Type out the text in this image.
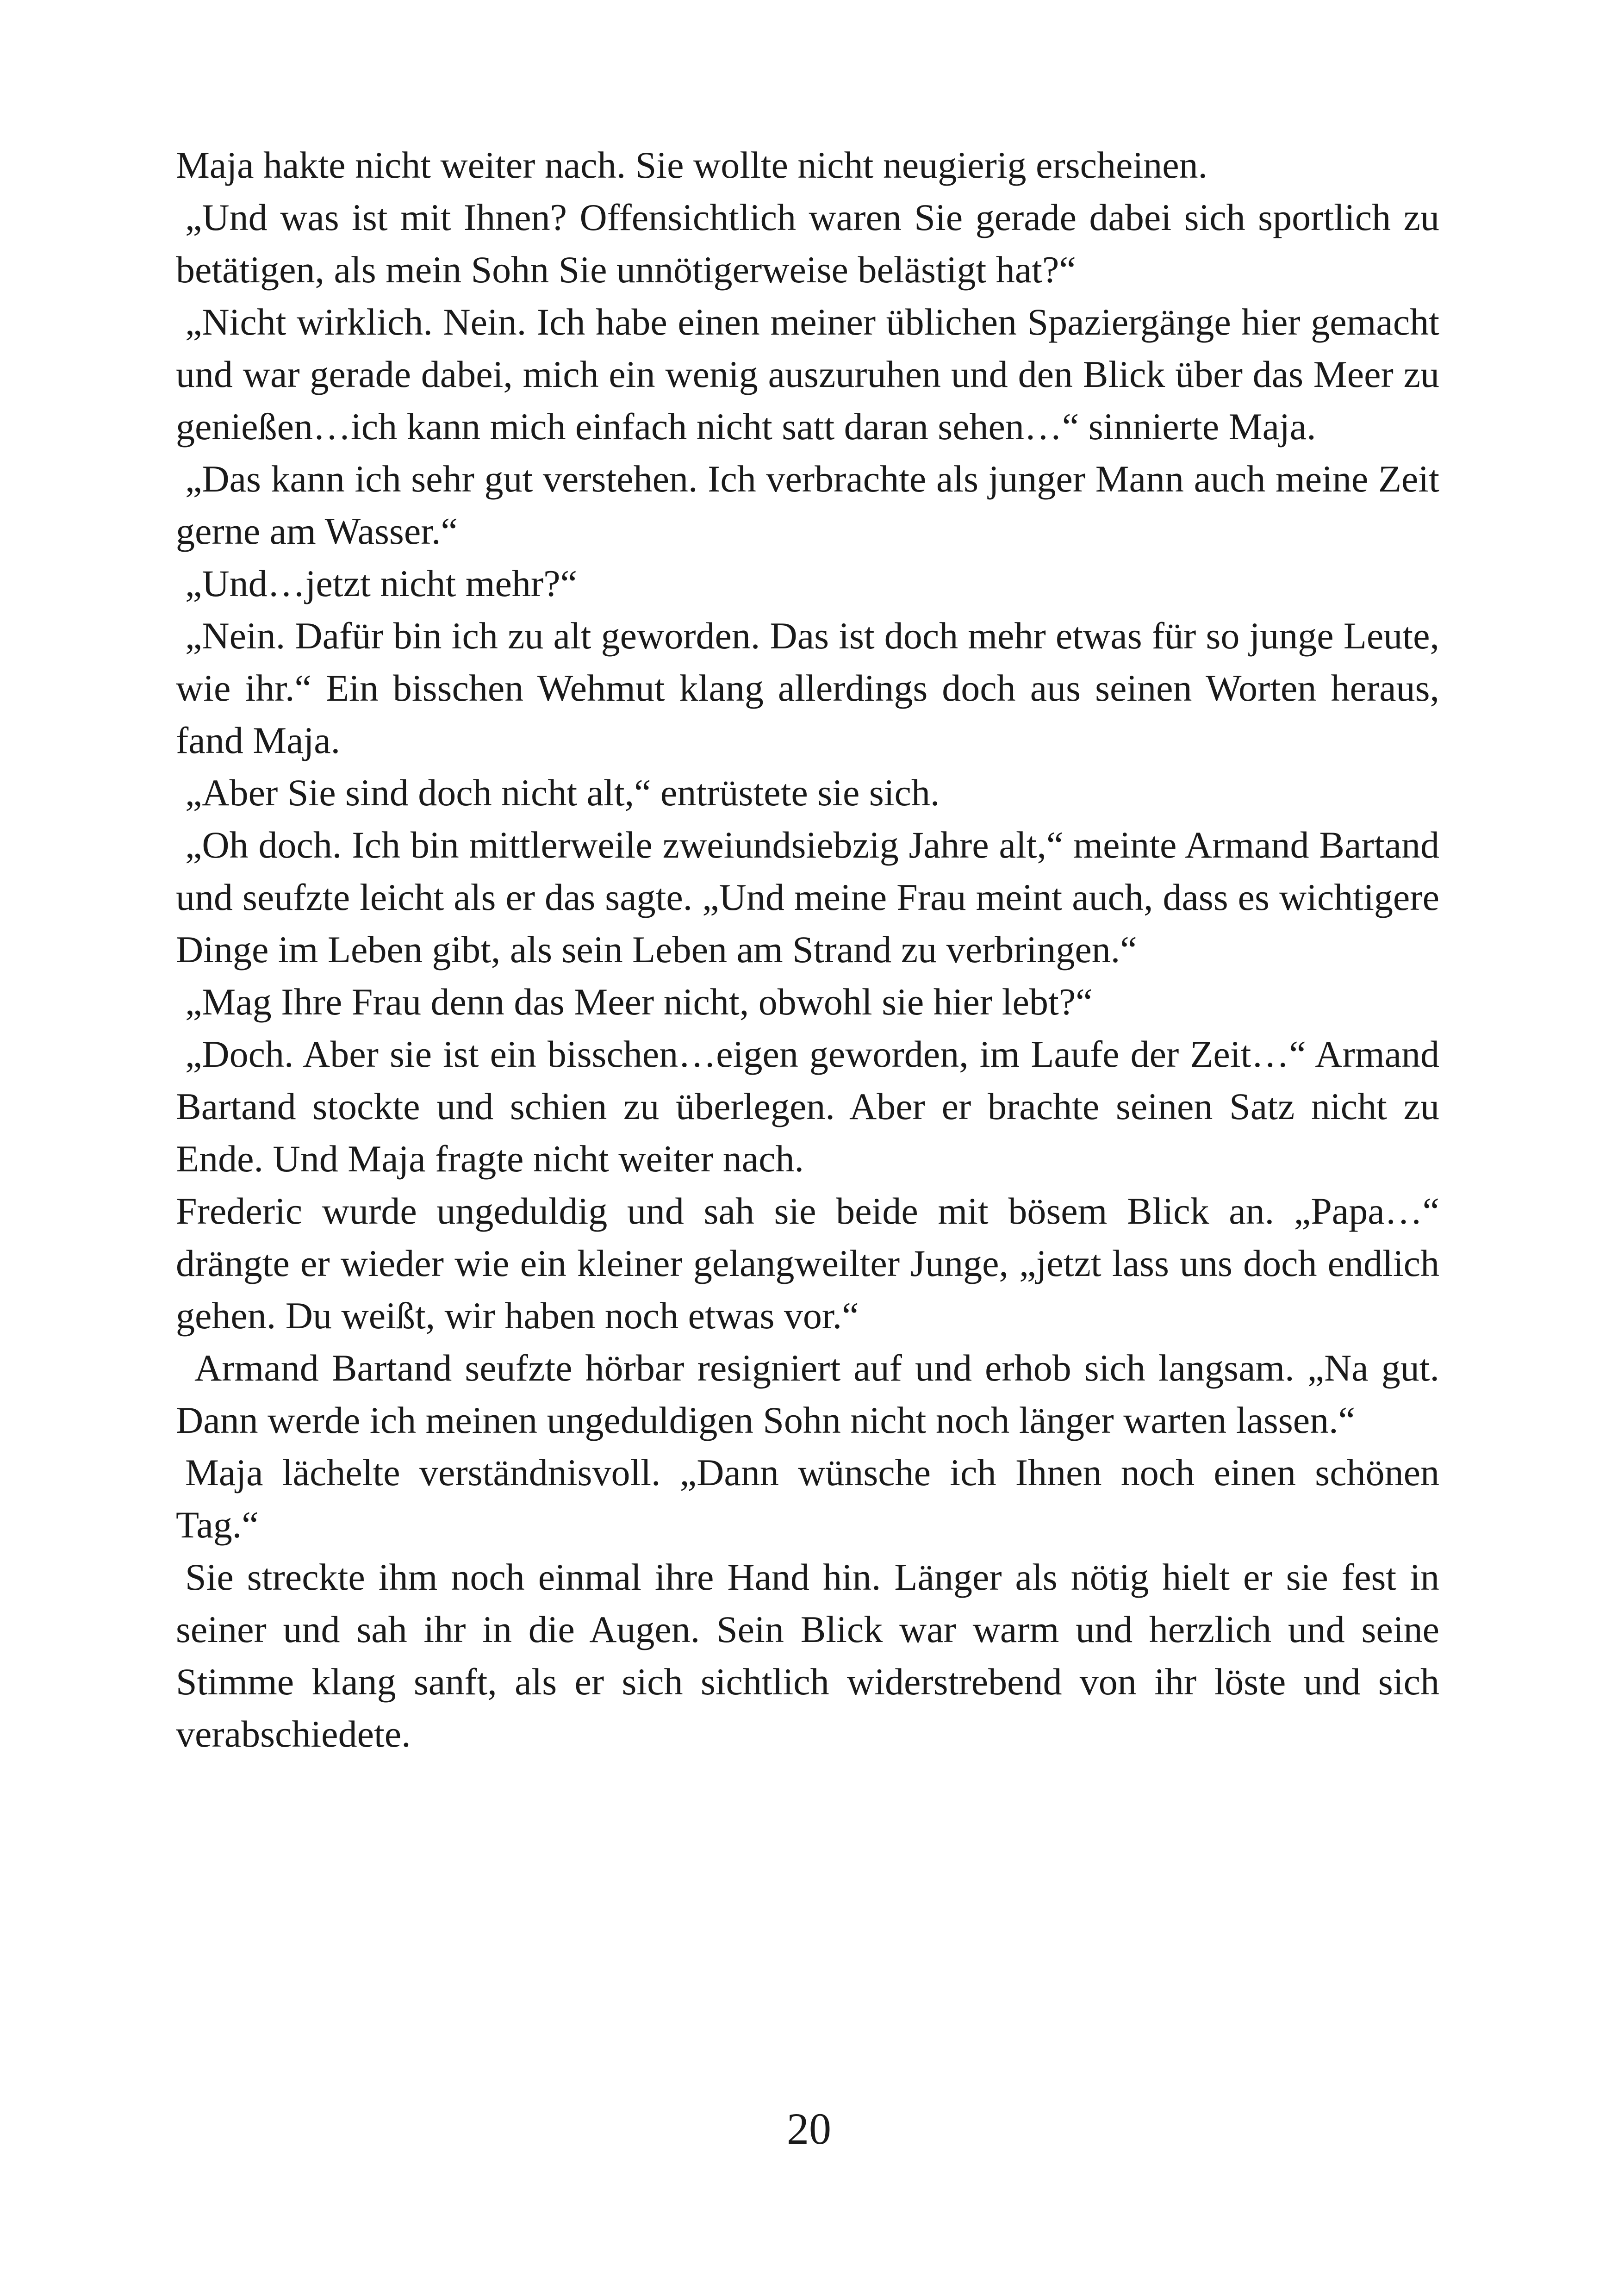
Maja hakte nicht weiter nach. Sie wollte nicht neugierig erscheinen.

„Und was ist mit Ihnen? Offensichtlich waren Sie gerade dabei sich sportlich zu betätigen, als mein Sohn Sie unnötigerweise belästigt hat?“

„Nicht wirklich. Nein. Ich habe einen meiner üblichen Spaziergänge hier gemacht und war gerade dabei, mich ein wenig auszuruhen und den Blick über das Meer zu genießen…ich kann mich einfach nicht satt daran sehen…“ sinnierte Maja.

„Das kann ich sehr gut verstehen. Ich verbrachte als junger Mann auch meine Zeit gerne am Wasser.“

„Und…jetzt nicht mehr?“

„Nein. Dafür bin ich zu alt geworden. Das ist doch mehr etwas für so junge Leute, wie ihr.“ Ein bisschen Wehmut klang allerdings doch aus seinen Worten heraus, fand Maja.

„Aber Sie sind doch nicht alt,“ entrüstete sie sich.

„Oh doch. Ich bin mittlerweile zweiundsiebzig Jahre alt,“ meinte Armand Bartand und seufzte leicht als er das sagte. „Und meine Frau meint auch, dass es wichtigere Dinge im Leben gibt, als sein Leben am Strand zu verbringen.“

„Mag Ihre Frau denn das Meer nicht, obwohl sie hier lebt?“

„Doch. Aber sie ist ein bisschen…eigen geworden, im Laufe der Zeit…“ Armand Bartand stockte und schien zu überlegen. Aber er brachte seinen Satz nicht zu Ende. Und Maja fragte nicht weiter nach.

Frederic wurde ungeduldig und sah sie beide mit bösem Blick an. „Papa…“ drängte er wieder wie ein kleiner gelangweilter Junge, „jetzt lass uns doch endlich gehen. Du weißt, wir haben noch etwas vor.“

Armand Bartand seufzte hörbar resigniert auf und erhob sich langsam. „Na gut. Dann werde ich meinen ungeduldigen Sohn nicht noch länger warten lassen.“

Maja lächelte verständnisvoll. „Dann wünsche ich Ihnen noch einen schönen Tag.“

Sie streckte ihm noch einmal ihre Hand hin. Länger als nötig hielt er sie fest in seiner und sah ihr in die Augen. Sein Blick war warm und herzlich und seine Stimme klang sanft, als er sich sichtlich widerstrebend von ihr löste und sich verabschiedete.

20
